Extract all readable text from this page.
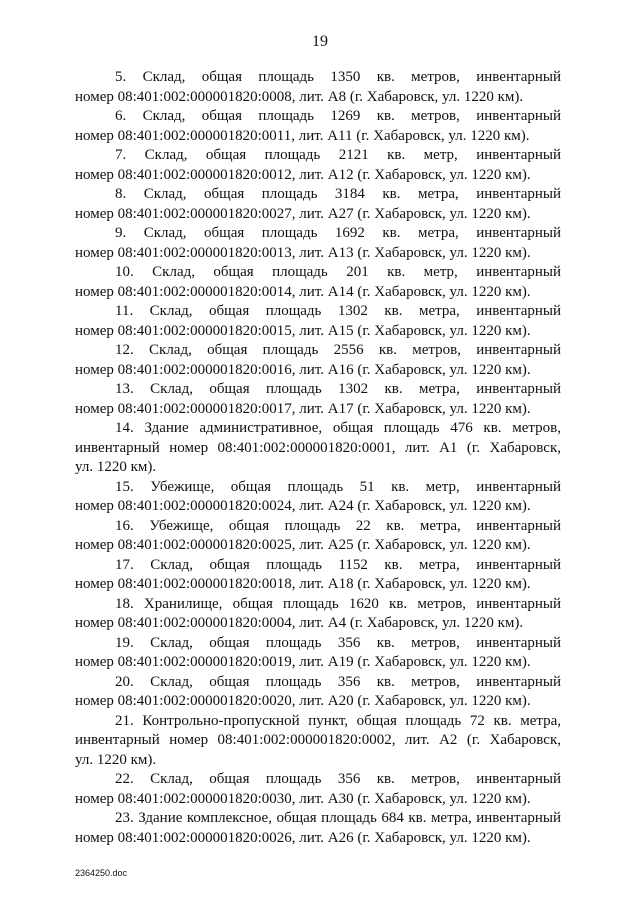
19
5. Склад, общая площадь 1350 кв. метров, инвентарный
номер 08:401:002:000001820:0008, лит. А8 (г. Хабаровск, ул. 1220 км).
6. Склад, общая площадь 1269 кв. метров, инвентарный
номер 08:401:002:000001820:0011, лит. А11 (г. Хабаровск, ул. 1220 км).
7. Склад, общая площадь 2121 кв. метр, инвентарный
номер 08:401:002:000001820:0012, лит. А12 (г. Хабаровск, ул. 1220 км).
8. Склад, общая площадь 3184 кв. метра, инвентарный
номер 08:401:002:000001820:0027, лит. А27 (г. Хабаровск, ул. 1220 км).
9. Склад, общая площадь 1692 кв. метра, инвентарный
номер 08:401:002:000001820:0013, лит. А13 (г. Хабаровск, ул. 1220 км).
10. Склад, общая площадь 201 кв. метр, инвентарный
номер 08:401:002:000001820:0014, лит. А14 (г. Хабаровск, ул. 1220 км).
11. Склад, общая площадь 1302 кв. метра, инвентарный
номер 08:401:002:000001820:0015, лит. А15 (г. Хабаровск, ул. 1220 км).
12. Склад, общая площадь 2556 кв. метров, инвентарный
номер 08:401:002:000001820:0016, лит. А16 (г. Хабаровск, ул. 1220 км).
13. Склад, общая площадь 1302 кв. метра, инвентарный
номер 08:401:002:000001820:0017, лит. А17 (г. Хабаровск, ул. 1220 км).
14. Здание административное, общая площадь 476 кв. метров,
инвентарный номер 08:401:002:000001820:0001, лит. А1 (г. Хабаровск,
ул. 1220 км).
15. Убежище, общая площадь 51 кв. метр, инвентарный
номер 08:401:002:000001820:0024, лит. А24 (г. Хабаровск, ул. 1220 км).
16. Убежище, общая площадь 22 кв. метра, инвентарный
номер 08:401:002:000001820:0025, лит. А25 (г. Хабаровск, ул. 1220 км).
17. Склад, общая площадь 1152 кв. метра, инвентарный
номер 08:401:002:000001820:0018, лит. А18 (г. Хабаровск, ул. 1220 км).
18. Хранилище, общая площадь 1620 кв. метров, инвентарный
номер 08:401:002:000001820:0004, лит. А4 (г. Хабаровск, ул. 1220 км).
19. Склад, общая площадь 356 кв. метров, инвентарный
номер 08:401:002:000001820:0019, лит. А19 (г. Хабаровск, ул. 1220 км).
20. Склад, общая площадь 356 кв. метров, инвентарный
номер 08:401:002:000001820:0020, лит. А20 (г. Хабаровск, ул. 1220 км).
21. Контрольно-пропускной пункт, общая площадь 72 кв. метра,
инвентарный номер 08:401:002:000001820:0002, лит. А2 (г. Хабаровск,
ул. 1220 км).
22. Склад, общая площадь 356 кв. метров, инвентарный
номер 08:401:002:000001820:0030, лит. А30 (г. Хабаровск, ул. 1220 км).
23. Здание комплексное, общая площадь 684 кв. метра, инвентарный
номер 08:401:002:000001820:0026, лит. А26 (г. Хабаровск, ул. 1220 км).
2364250.doc
